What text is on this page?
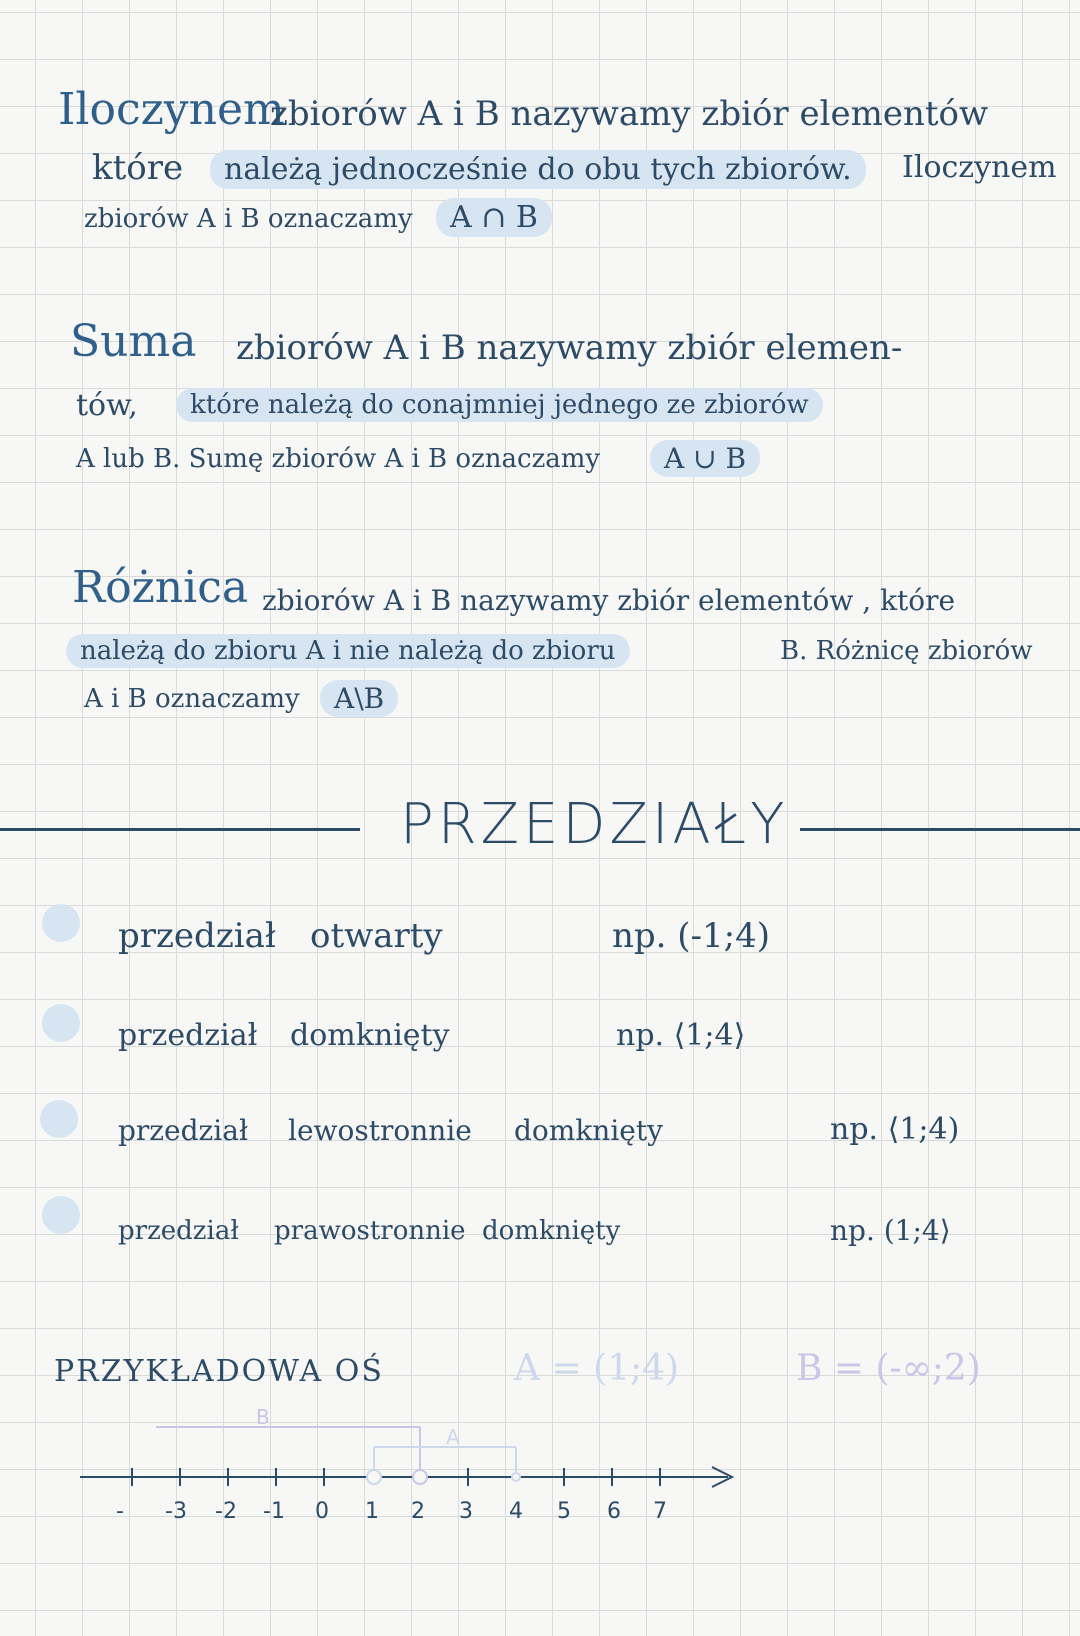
Iloczynem
zbiorów A i B nazywamy zbiór elementów
które	należą jednocześnie do obu tych zbiorów.	Iloczynem
zbiorów A i B oznaczamy	A ∩ B
Suma zbiorów A i B nazywamy zbiór elemen-
tów,	które należą do conajmniej jednego ze zbiorów
A lub B. Sumę zbiorów A i B oznaczamy	A ∪ B
Różnica zbiorów A i B nazywamy zbiór elementów , które
należą do zbioru A i nie należą do zbioru	B. Różnicę zbiorów
A i B oznaczamy	A\B
PRZEDZIAŁY
przedział otwarty	np. (-1;4)
przedział domknięty	np. ⟨1;4⟩
przedział lewostronnie domknięty	np. ⟨1;4)
przedział prawostronnie domknięty	np. (1;4⟩
PRZYKŁADOWA OŚ	A = (1;4)	B = (-∞;2)
B
A
- -3 -2 -1 0 1 2 3 4 5 6 7
